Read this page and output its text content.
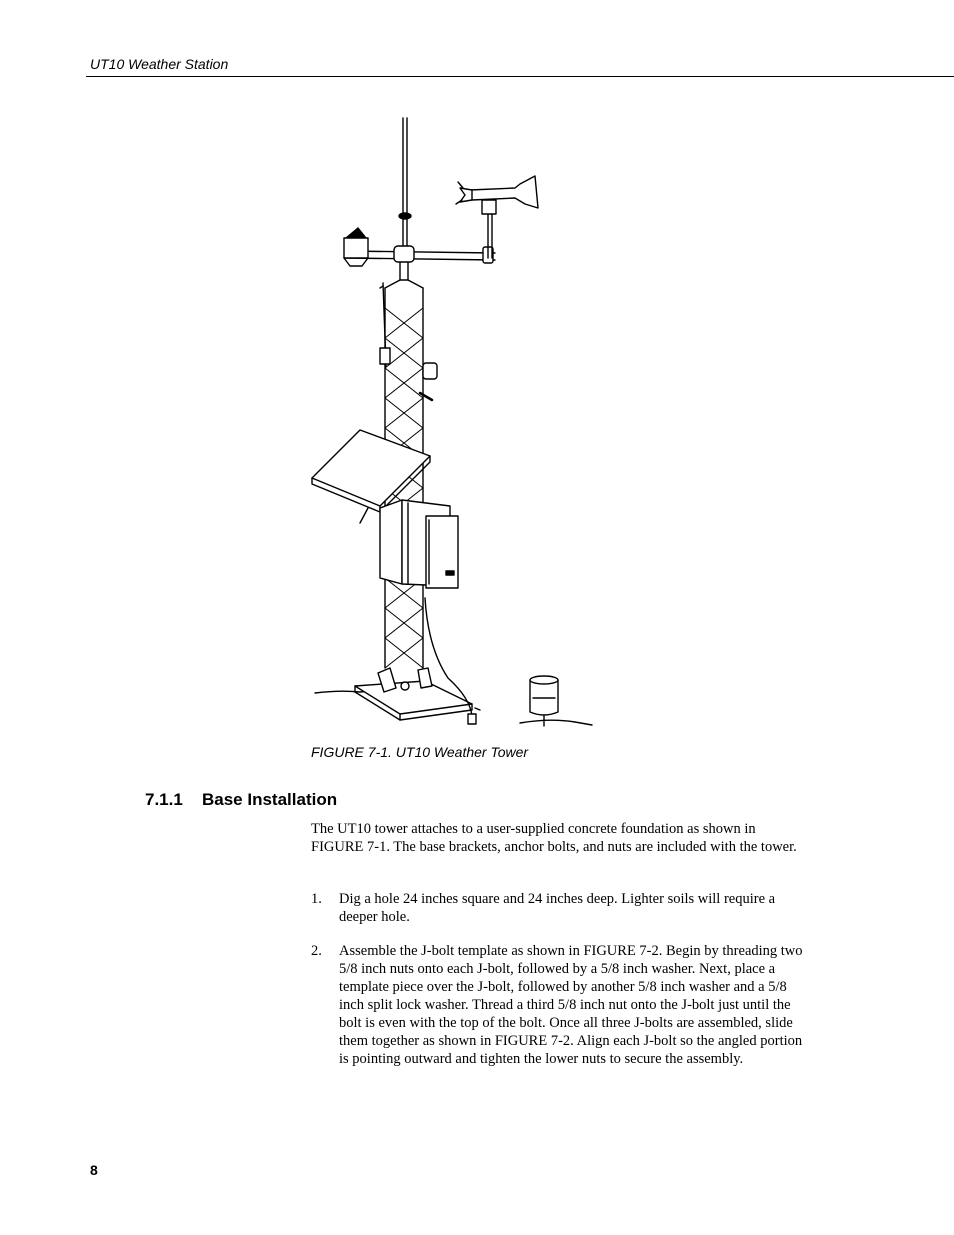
UT10 Weather Station
FIGURE 7-1. UT10 Weather Tower
7.1.1 Base Installation

The UT10 tower attaches to a user-supplied concrete foundation as shown in FIGURE 7-1. The base brackets, anchor bolts, and nuts are included with the tower.

1. Dig a hole 24 inches square and 24 inches deep. Lighter soils will require a deeper hole.
2. Assemble the J-bolt template as shown in FIGURE 7-2. Begin by threading two 5/8 inch nuts onto each J-bolt, followed by a 5/8 inch washer. Next, place a template piece over the J-bolt, followed by another 5/8 inch washer and a 5/8 inch split lock washer. Thread a third 5/8 inch nut onto the J-bolt just until the bolt is even with the top of the bolt. Once all three J-bolts are assembled, slide them together as shown in FIGURE 7-2. Align each J-bolt so the angled portion is pointing outward and tighten the lower nuts to secure the assembly.
8
